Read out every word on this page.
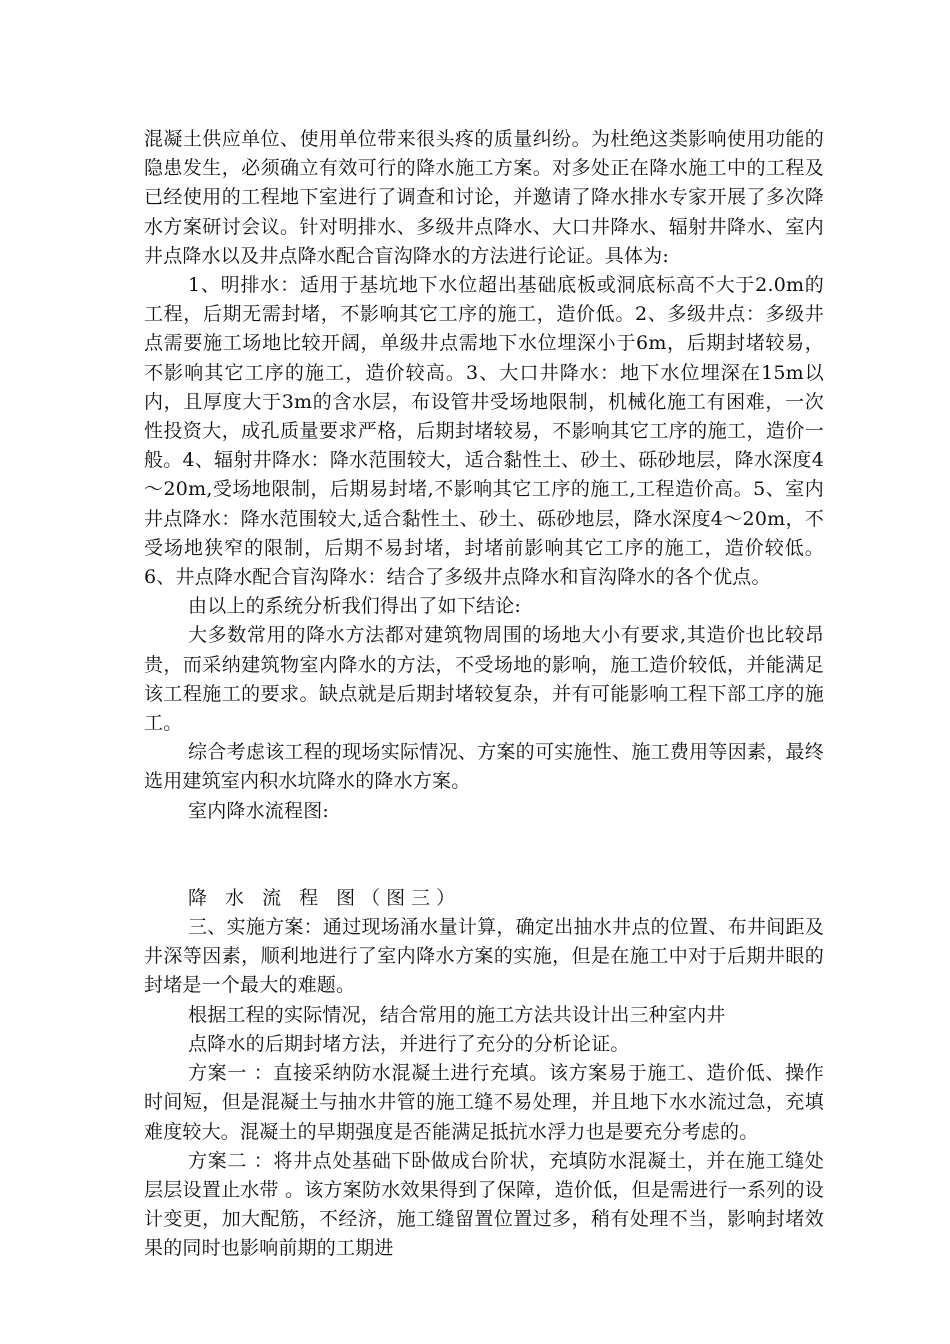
混凝土供应单位、使用单位带来很头疼的质量纠纷。为杜绝这类影响使用功能的隐患发生，必须确立有效可行的降水施工方案。对多处正在降水施工中的工程及已经使用的工程地下室进行了调查和讨论，并邀请了降水排水专家开展了多次降水方案研讨会议。针对明排水、多级井点降水、大口井降水、辐射井降水、室内井点降水以及井点降水配合盲沟降水的方法进行论证。具体为:

1、明排水：适用于基坑地下水位超出基础底板或洞底标高不大于2.0m的工程，后期无需封堵，不影响其它工序的施工，造价低。2、多级井点：多级井点需要施工场地比较开阔，单级井点需地下水位埋深小于6m，后期封堵较易，不影响其它工序的施工，造价较高。3、大口井降水：地下水位埋深在15m以内，且厚度大于3m的含水层，布设管井受场地限制，机械化施工有困难，一次性投资大，成孔质量要求严格，后期封堵较易，不影响其它工序的施工，造价一般。4、辐射井降水：降水范围较大，适合黏性土、砂土、砾砂地层，降水深度4～20m,受场地限制，后期易封堵,不影响其它工序的施工,工程造价高。5、室内井点降水：降水范围较大,适合黏性土、砂土、砾砂地层，降水深度4～20m，不受场地狭窄的限制，后期不易封堵，封堵前影响其它工序的施工，造价较低。6、井点降水配合盲沟降水：结合了多级井点降水和盲沟降水的各个优点。

由以上的系统分析我们得出了如下结论:

大多数常用的降水方法都对建筑物周围的场地大小有要求,其造价也比较昂贵，而采纳建筑物室内降水的方法，不受场地的影响，施工造价较低，并能满足该工程施工的要求。缺点就是后期封堵较复杂，并有可能影响工程下部工序的施工。

综合考虑该工程的现场实际情况、方案的可实施性、施工费用等因素，最终选用建筑室内积水坑降水的降水方案。

室内降水流程图:

降 水 流 程 图（图三）

三、实施方案：通过现场涌水量计算，确定出抽水井点的位置、布井间距及井深等因素，顺利地进行了室内降水方案的实施，但是在施工中对于后期井眼的封堵是一个最大的难题。

根据工程的实际情况，结合常用的施工方法共设计出三种室内井

点降水的后期封堵方法，并进行了充分的分析论证。

方案一 ：直接采纳防水混凝土进行充填。该方案易于施工、造价低、操作时间短，但是混凝土与抽水井管的施工缝不易处理，并且地下水水流过急，充填难度较大。混凝土的早期强度是否能满足抵抗水浮力也是要充分考虑的。

方案二 ：将井点处基础下卧做成台阶状，充填防水混凝土，并在施工缝处层层设置止水带 。该方案防水效果得到了保障，造价低，但是需进行一系列的设计变更，加大配筋，不经济，施工缝留置位置过多，稍有处理不当，影响封堵效果的同时也影响前期的工期进
